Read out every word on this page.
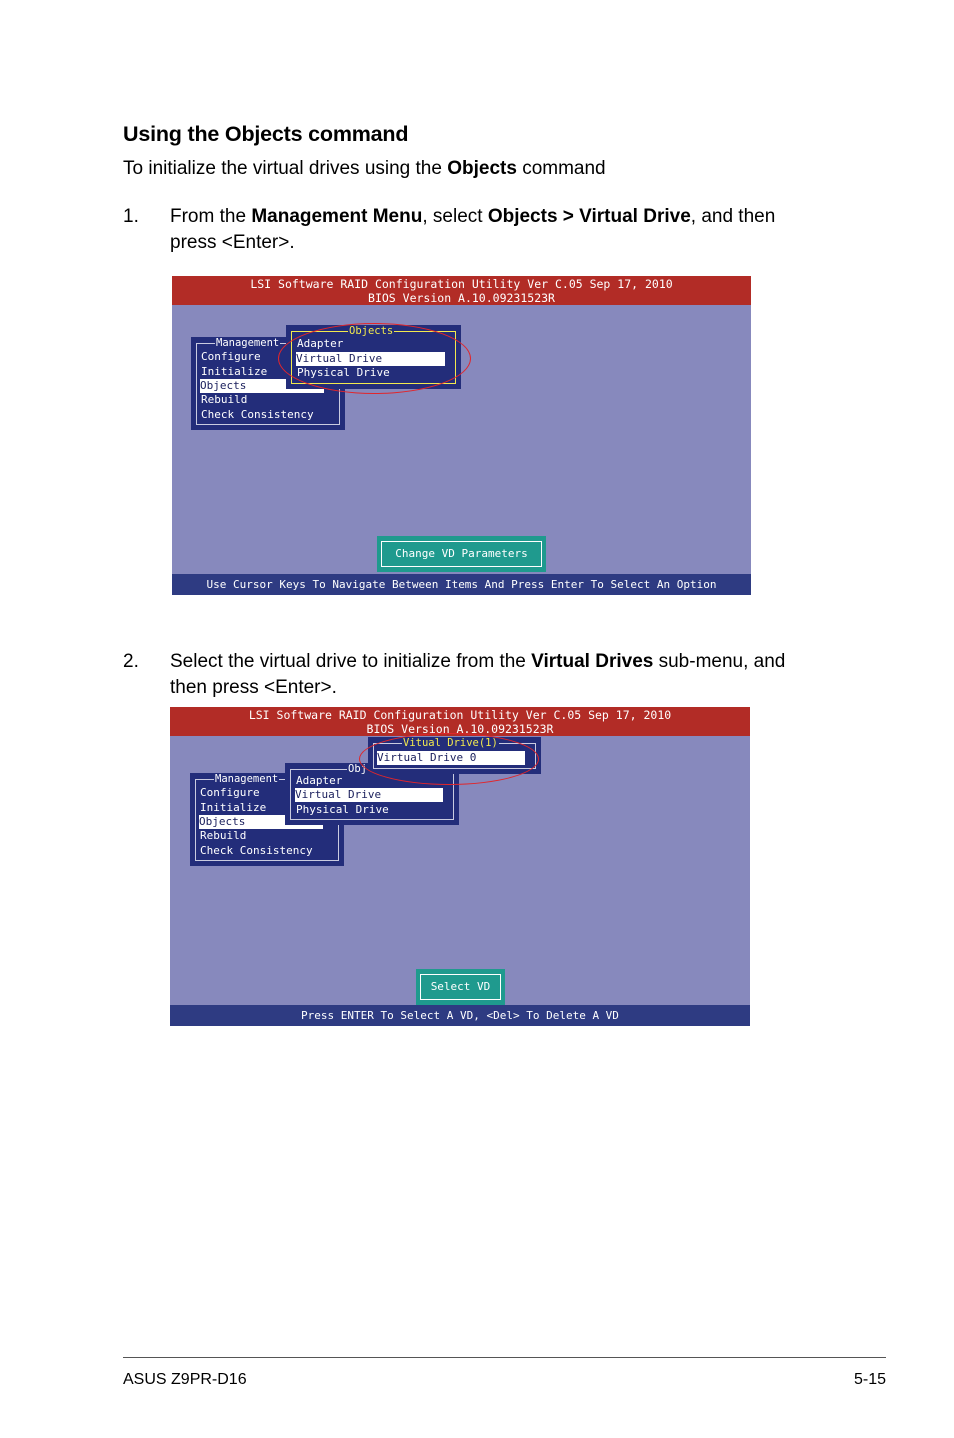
Using the Objects command
To initialize the virtual drives using the Objects command
1. From the Management Menu, select Objects > Virtual Drive, and then press <Enter>.
LSI Software RAID Configuration Utility Ver C.05 Sep 17, 2010
BIOS Version A.10.09231523R
Management
Configure
Initialize
Objects
Rebuild
Check Consistency
Objects
Adapter
Virtual Drive
Physical Drive
Change VD Parameters
Use Cursor Keys To Navigate Between Items And Press Enter To Select An Option
2. Select the virtual drive to initialize from the Virtual Drives sub-menu, and then press <Enter>.
LSI Software RAID Configuration Utility Ver C.05 Sep 17, 2010
BIOS Version A.10.09231523R
Management
Configure
Initialize
Objects
Rebuild
Check Consistency
Obj
Adapter
Virtual Drive
Physical Drive
Vitual Drive(1)
Virtual Drive 0
Select VD
Press ENTER To Select A VD, <Del> To Delete A VD
ASUS Z9PR-D16	5-15
